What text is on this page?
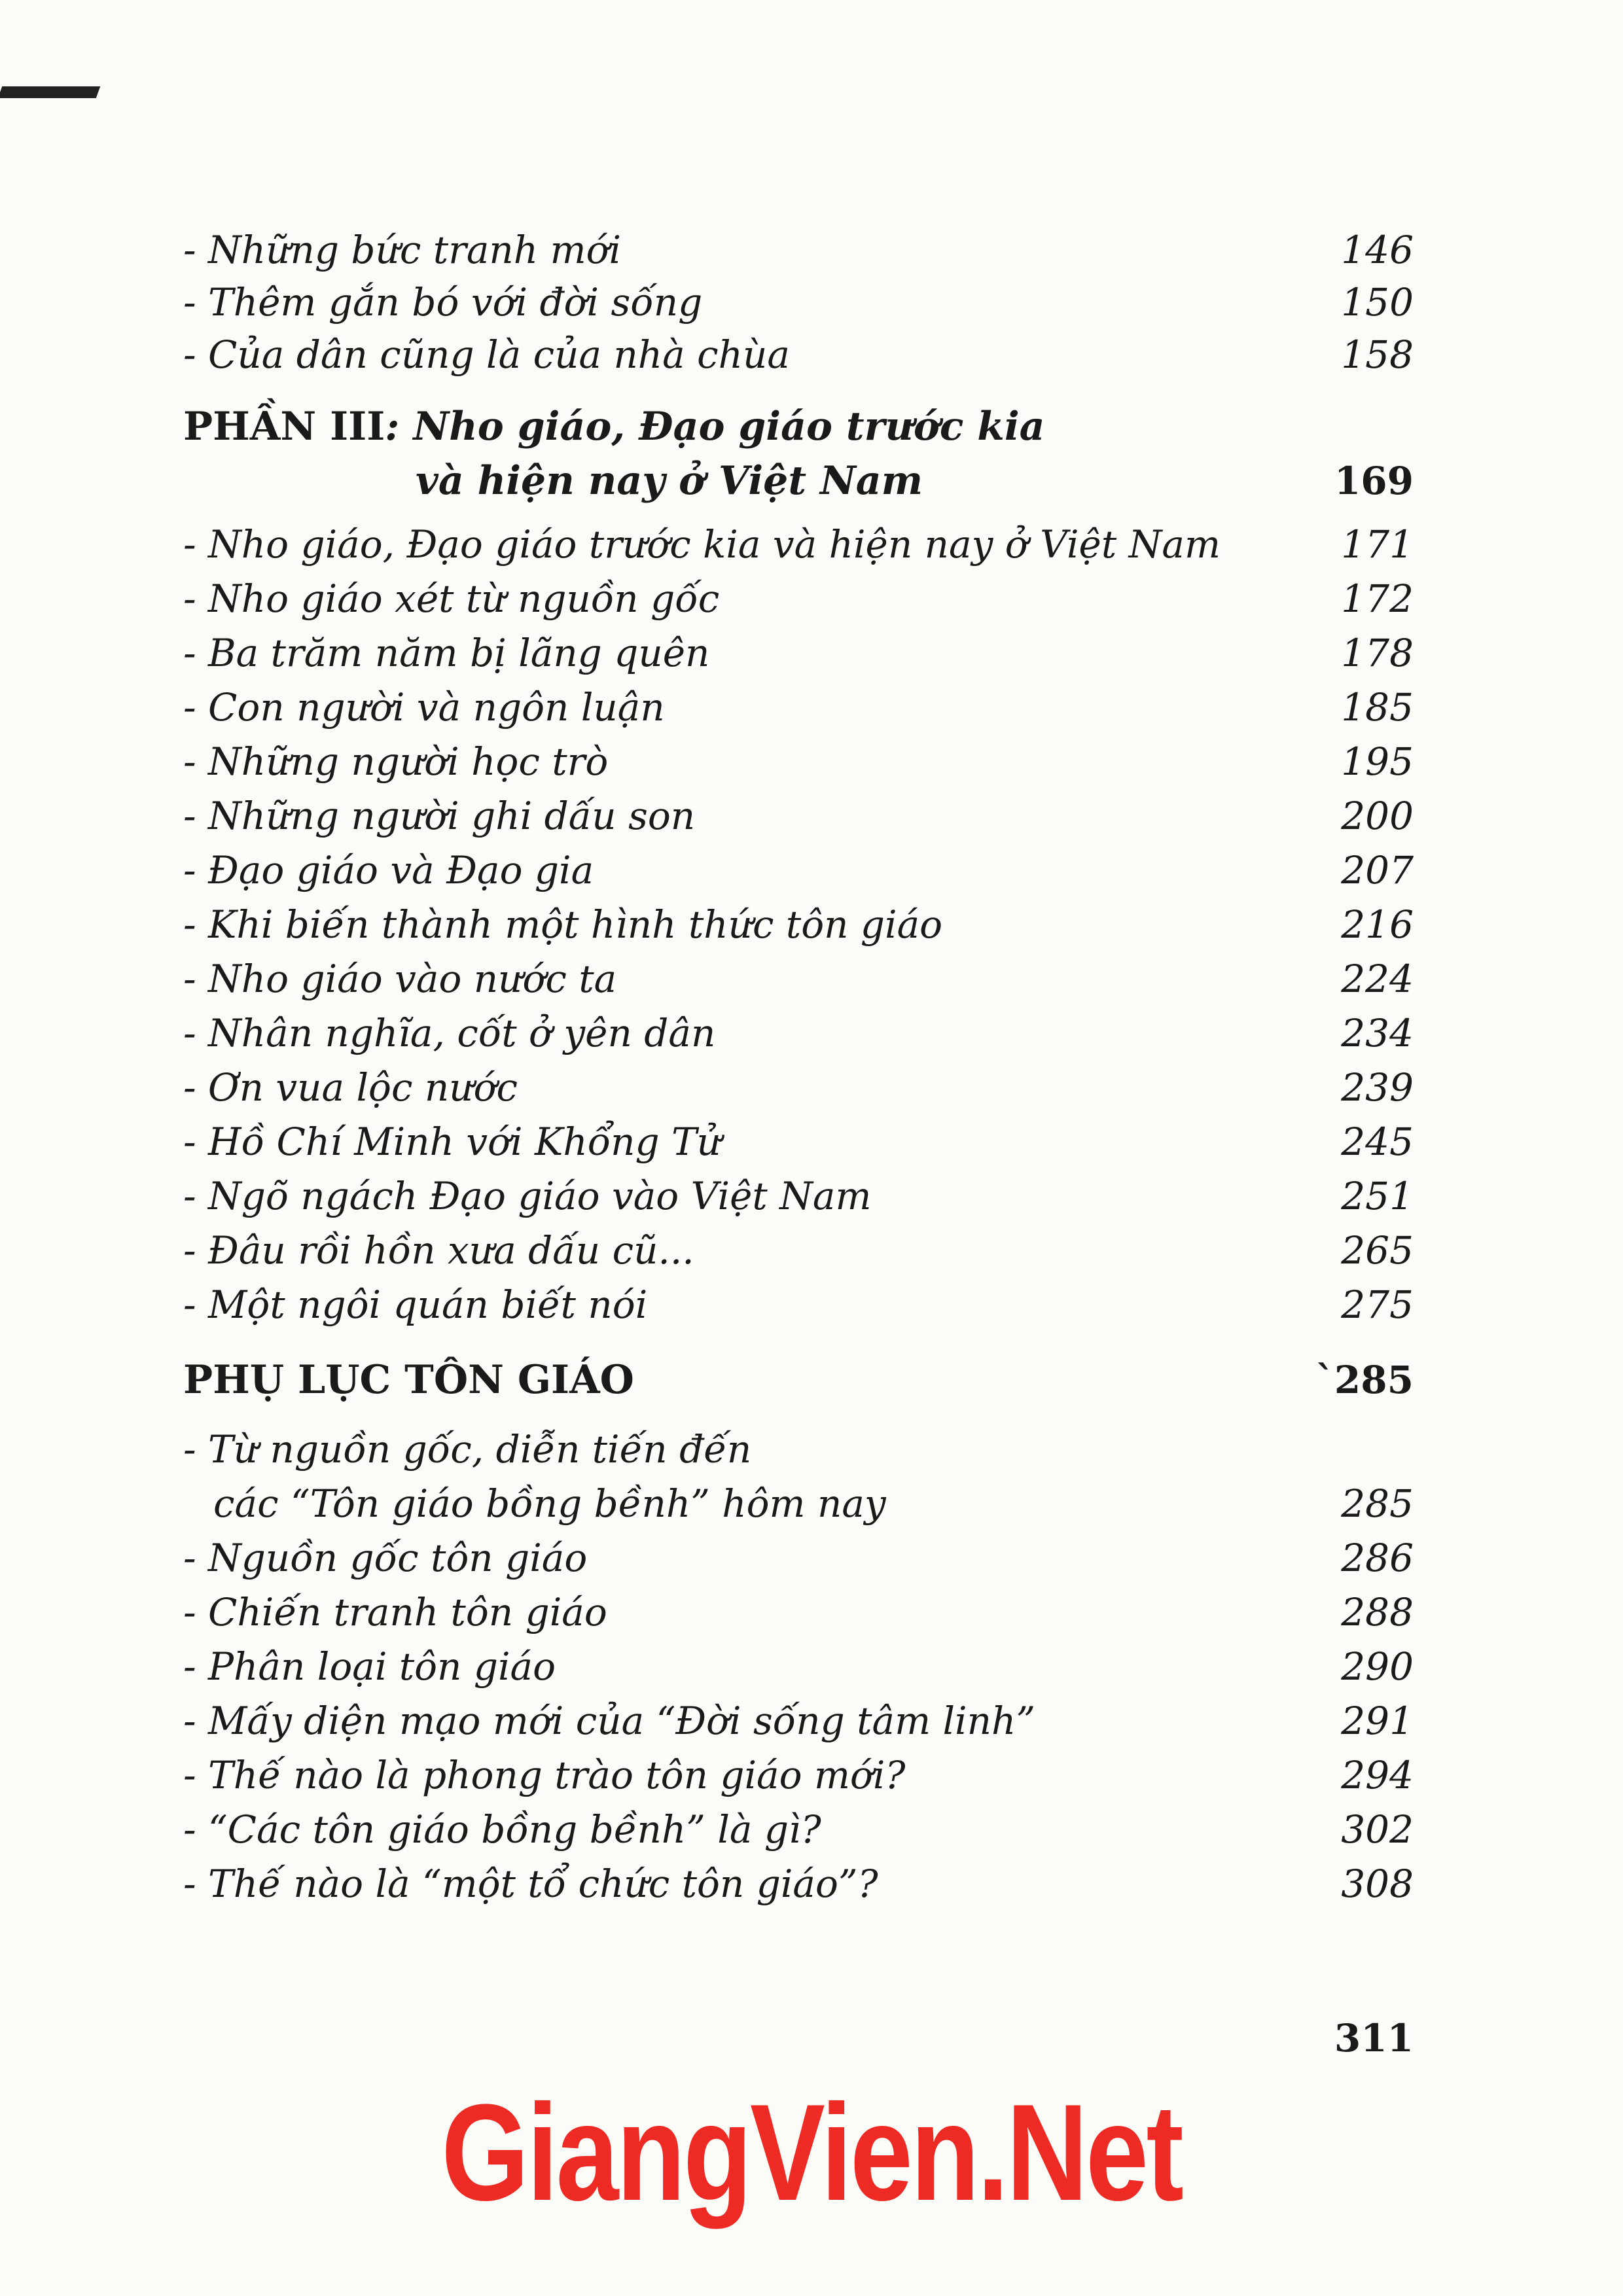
- Những bức tranh mới	146
- Thêm gắn bó với đời sống	150
- Của dân cũng là của nhà chùa	158
PHẦN III: Nho giáo, Đạo giáo trước kia
và hiện nay ở Việt Nam	169
- Nho giáo, Đạo giáo trước kia và hiện nay ở Việt Nam	171
- Nho giáo xét từ nguồn gốc	172
- Ba trăm năm bị lãng quên	178
- Con người và ngôn luận	185
- Những người học trò	195
- Những người ghi dấu son	200
- Đạo giáo và Đạo gia	207
- Khi biến thành một hình thức tôn giáo	216
- Nho giáo vào nước ta	224
- Nhân nghĩa, cốt ở yên dân	234
- Ơn vua lộc nước	239
- Hồ Chí Minh với Khổng Tử	245
- Ngõ ngách Đạo giáo vào Việt Nam	251
- Đâu rồi hồn xưa dấu cũ...	265
- Một ngôi quán biết nói	275
PHỤ LỤC TÔN GIÁO	`285
- Từ nguồn gốc, diễn tiến đến
các “Tôn giáo bồng bềnh” hôm nay	285
- Nguồn gốc tôn giáo	286
- Chiến tranh tôn giáo	288
- Phân loại tôn giáo	290
- Mấy diện mạo mới của “Đời sống tâm linh”	291
- Thế nào là phong trào tôn giáo mới?	294
- “Các tôn giáo bồng bềnh” là gì?	302
- Thế nào là “một tổ chức tôn giáo”?	308
311
GiangVien.Net
